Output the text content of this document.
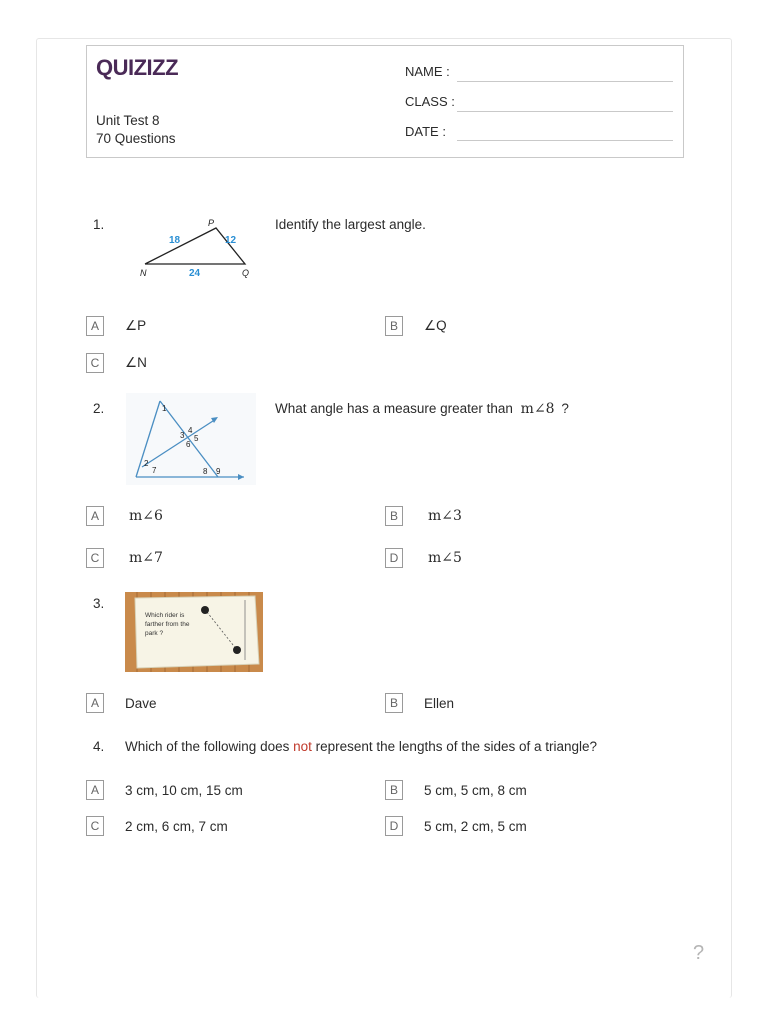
QUIZIZZ
Unit Test 8
70 Questions
NAME :
CLASS :
DATE :
1.	P
N	Q
18	12
24
Identify the largest angle.
A	∠P	B	∠Q
C	∠N
2.	1
2
3
4
5
6
7	8 9
What angle has a measure greater than m∠8 ?
A	m∠6	B	m∠3
C	m∠7	D	m∠5
3.
Which rider is farther from the park ?
A	Dave	B	Ellen
4. Which of the following does not represent the lengths of the sides of a triangle?
A	3 cm, 10 cm, 15 cm	B	5 cm, 5 cm, 8 cm
C	2 cm, 6 cm, 7 cm	D	5 cm, 2 cm, 5 cm
?
